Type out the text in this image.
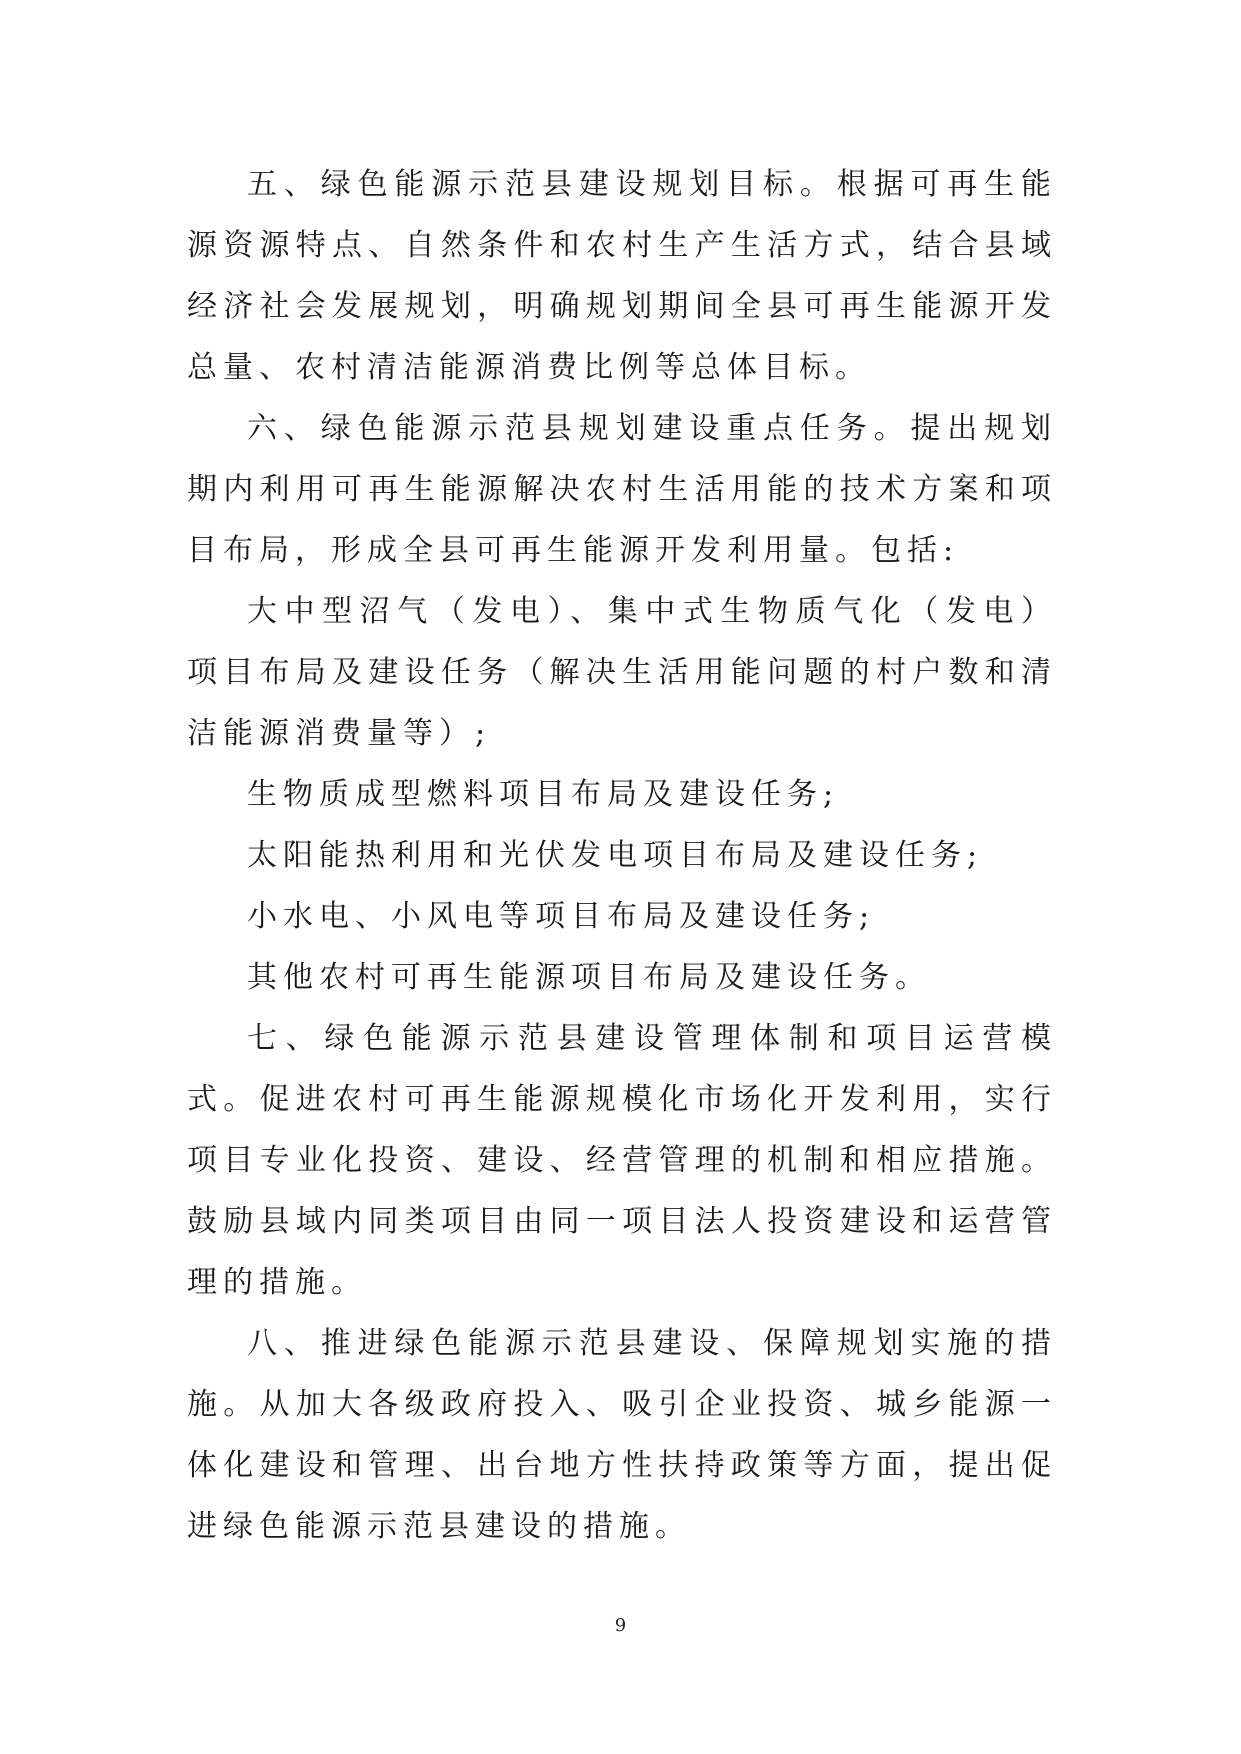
五、绿色能源示范县建设规划目标。根据可再生能源资源特点、自然条件和农村生产生活方式，结合县域经济社会发展规划，明确规划期间全县可再生能源开发总量、农村清洁能源消费比例等总体目标。

六、绿色能源示范县规划建设重点任务。提出规划期内利用可再生能源解决农村生活用能的技术方案和项目布局，形成全县可再生能源开发利用量。包括:

大中型沼气（发电）、集中式生物质气化（发电）项目布局及建设任务（解决生活用能问题的村户数和清洁能源消费量等）;

生物质成型燃料项目布局及建设任务;

太阳能热利用和光伏发电项目布局及建设任务;

小水电、小风电等项目布局及建设任务;

其他农村可再生能源项目布局及建设任务。

七、绿色能源示范县建设管理体制和项目运营模式。促进农村可再生能源规模化市场化开发利用，实行项目专业化投资、建设、经营管理的机制和相应措施。鼓励县域内同类项目由同一项目法人投资建设和运营管理的措施。

八、推进绿色能源示范县建设、保障规划实施的措施。从加大各级政府投入、吸引企业投资、城乡能源一体化建设和管理、出台地方性扶持政策等方面，提出促进绿色能源示范县建设的措施。

9
